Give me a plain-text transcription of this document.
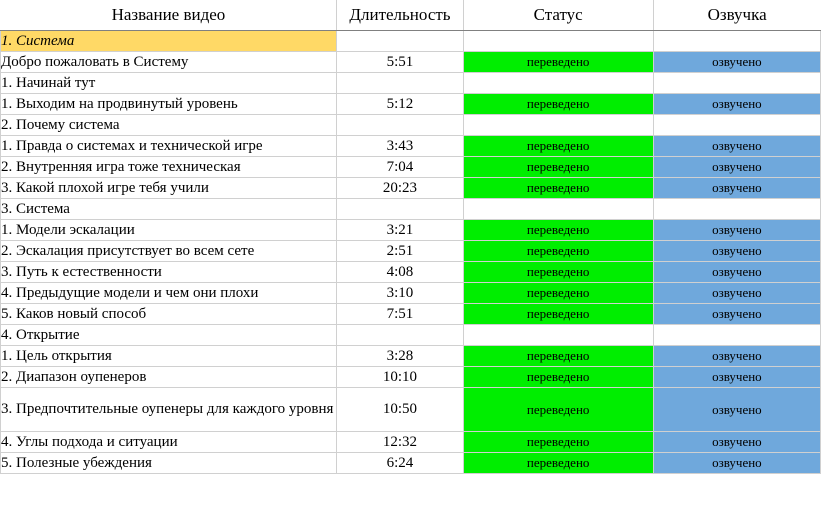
Название видео	Длительность	Статус	Озвучка
1. Система			
Добро пожаловать в Систему	5:51	переведено	озвучено
1. Начинай тут			
1. Выходим на продвинутый уровень	5:12	переведено	озвучено
2. Почему система			
1. Правда о системах и технической игре	3:43	переведено	озвучено
2. Внутренняя игра тоже техническая	7:04	переведено	озвучено
3. Какой плохой игре тебя учили	20:23	переведено	озвучено
3. Система			
1. Модели эскалации	3:21	переведено	озвучено
2. Эскалация присутствует во всем сете	2:51	переведено	озвучено
3. Путь к естественности	4:08	переведено	озвучено
4. Предыдущие модели и чем они плохи	3:10	переведено	озвучено
5. Каков новый способ	7:51	переведено	озвучено
4. Открытие			
1. Цель открытия	3:28	переведено	озвучено
2. Диапазон оупенеров	10:10	переведено	озвучено
3. Предпочтительные оупенеры для каждого уровня	10:50	переведено	озвучено
4. Углы подхода и ситуации	12:32	переведено	озвучено
5. Полезные убеждения	6:24	переведено	озвучено
